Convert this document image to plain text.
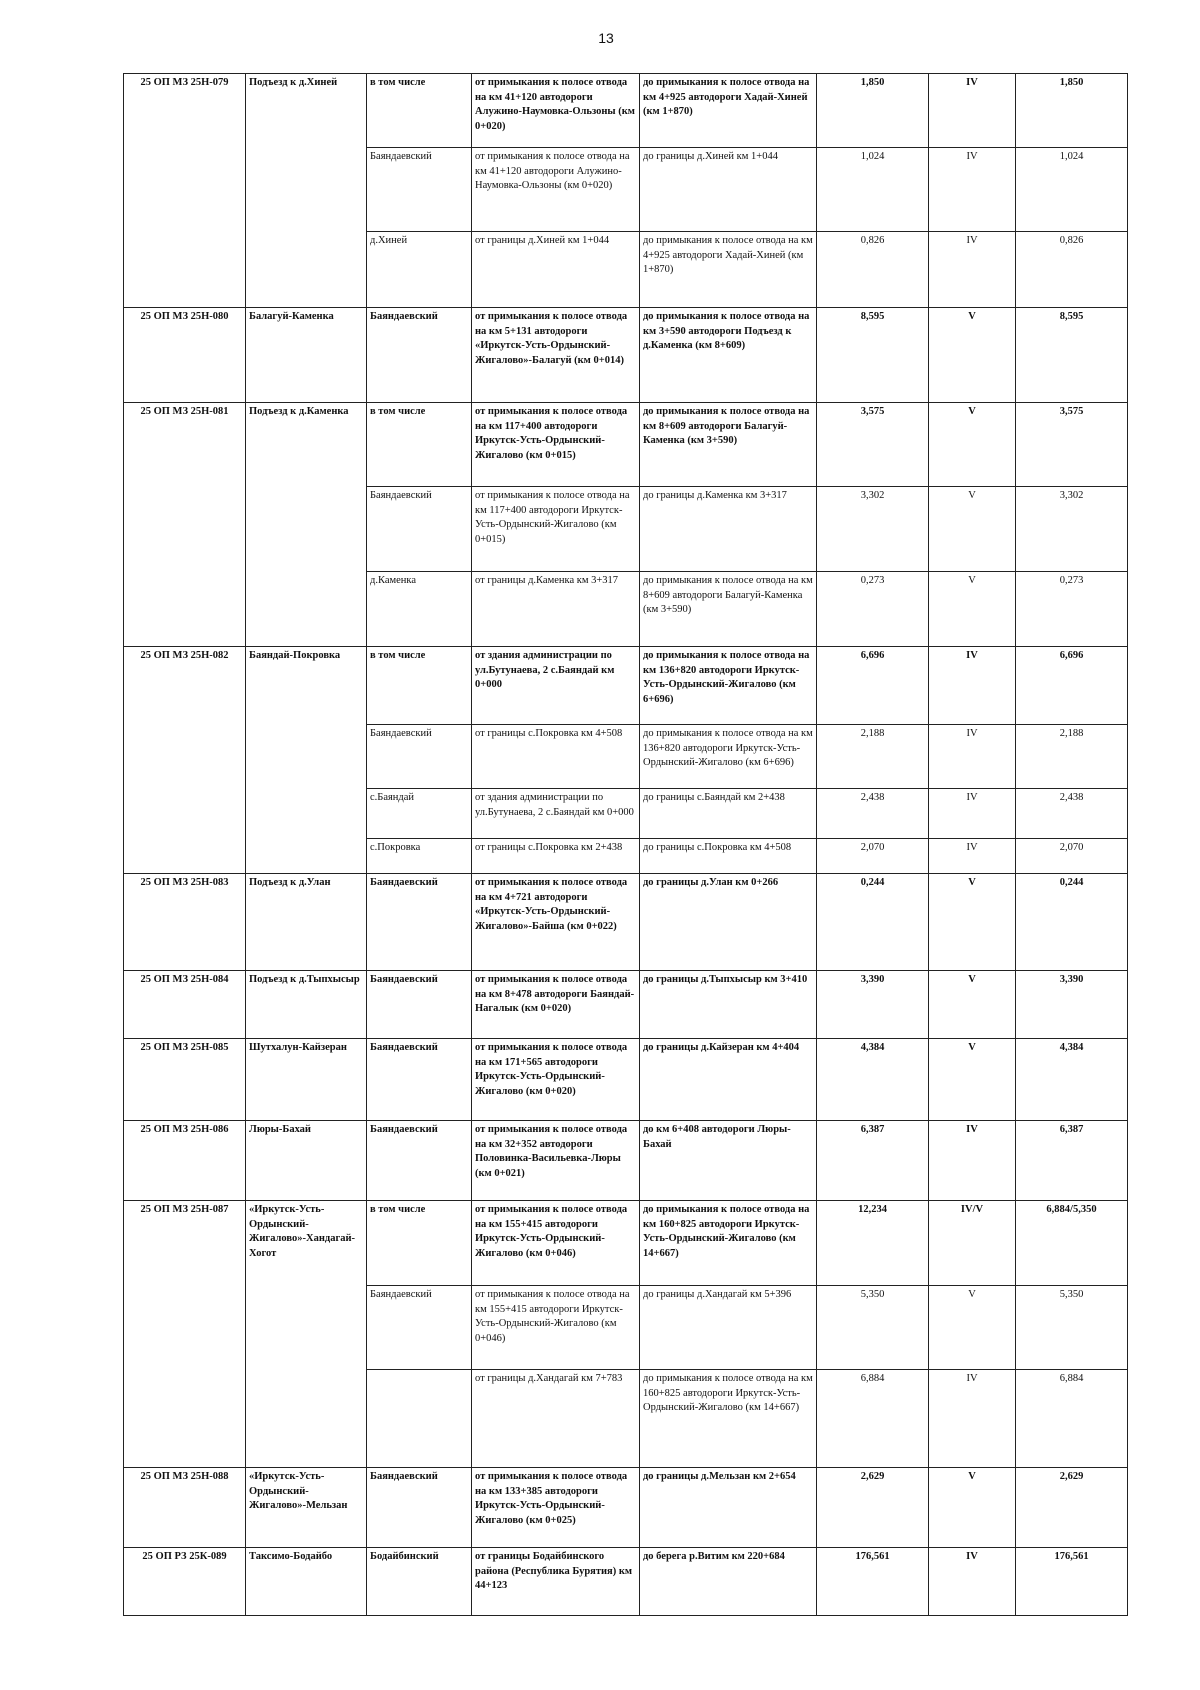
13
25 ОП МЗ 25Н-079	Подъезд к д.Хиней	в том числе	от примыкания к полосе отвода на км 41+120 автодороги Алужино-Наумовка-Ользоны (км 0+020)	до примыкания к полосе отвода на км 4+925 автодороги Хадай-Хиней (км 1+870)	1,850	IV	1,850
		Баяндаевский	от примыкания к полосе отвода на км 41+120 автодороги Алужино-Наумовка-Ользоны (км 0+020)	до границы д.Хиней км 1+044	1,024	IV	1,024
		д.Хиней	от границы д.Хиней км 1+044	до примыкания к полосе отвода на км 4+925 автодороги Хадай-Хиней (км 1+870)	0,826	IV	0,826
25 ОП МЗ 25Н-080	Балагуй-Каменка	Баяндаевский	от примыкания к полосе отвода на км 5+131 автодороги «Иркутск-Усть-Ордынский-Жигалово»-Балагуй (км 0+014)	до примыкания к полосе отвода на км 3+590 автодороги Подъезд к д.Каменка (км 8+609)	8,595	V	8,595
25 ОП МЗ 25Н-081	Подъезд к д.Каменка	в том числе	от примыкания к полосе отвода на км 117+400 автодороги Иркутск-Усть-Ордынский-Жигалово (км 0+015)	до примыкания к полосе отвода на км 8+609 автодороги Балагуй-Каменка (км 3+590)	3,575	V	3,575
		Баяндаевский	от примыкания к полосе отвода на км 117+400 автодороги Иркутск-Усть-Ордынский-Жигалово (км 0+015)	до границы д.Каменка км 3+317	3,302	V	3,302
		д.Каменка	от границы д.Каменка км 3+317	до примыкания к полосе отвода на км 8+609 автодороги Балагуй-Каменка (км 3+590)	0,273	V	0,273
25 ОП МЗ 25Н-082	Баяндай-Покровка	в том числе	от здания администрации по ул.Бутунаева, 2 с.Баяндай км 0+000	до примыкания к полосе отвода на км 136+820 автодороги Иркутск-Усть-Ордынский-Жигалово (км 6+696)	6,696	IV	6,696
		Баяндаевский	от границы с.Покровка км 4+508	до примыкания к полосе отвода на км 136+820 автодороги Иркутск-Усть-Ордынский-Жигалово (км 6+696)	2,188	IV	2,188
		с.Баяндай	от здания администрации по ул.Бутунаева, 2 с.Баяндай км 0+000	до границы с.Баяндай км 2+438	2,438	IV	2,438
		с.Покровка	от границы с.Покровка км 2+438	до границы с.Покровка км 4+508	2,070	IV	2,070
25 ОП МЗ 25Н-083	Подъезд к д.Улан	Баяндаевский	от примыкания к полосе отвода на км 4+721 автодороги «Иркутск-Усть-Ордынский-Жигалово»-Байша (км 0+022)	до границы д.Улан км 0+266	0,244	V	0,244
25 ОП МЗ 25Н-084	Подъезд к д.Тыпхысыр	Баяндаевский	от примыкания к полосе отвода на км 8+478 автодороги Баяндай-Нагалык (км 0+020)	до границы д.Тыпхысыр км 3+410	3,390	V	3,390
25 ОП МЗ 25Н-085	Шутхалун-Кайзеран	Баяндаевский	от примыкания к полосе отвода на км 171+565 автодороги Иркутск-Усть-Ордынский-Жигалово (км 0+020)	до границы д.Кайзеран км 4+404	4,384	V	4,384
25 ОП МЗ 25Н-086	Люры-Бахай	Баяндаевский	от примыкания к полосе отвода на км 32+352 автодороги Половинка-Васильевка-Люры (км 0+021)	до км 6+408 автодороги Люры-Бахай	6,387	IV	6,387
25 ОП МЗ 25Н-087	«Иркутск-Усть-Ордынский-Жигалово»-Хандагай-Хогот	в том числе	от примыкания к полосе отвода на км 155+415 автодороги Иркутск-Усть-Ордынский-Жигалово (км 0+046)	до примыкания к полосе отвода на км 160+825 автодороги Иркутск-Усть-Ордынский-Жигалово (км 14+667)	12,234	IV/V	6,884/5,350
		Баяндаевский	от примыкания к полосе отвода на км 155+415 автодороги Иркутск-Усть-Ордынский-Жигалово (км 0+046)	до границы д.Хандагай км 5+396	5,350	V	5,350
			от границы д.Хандагай км 7+783	до примыкания к полосе отвода на км 160+825 автодороги Иркутск-Усть-Ордынский-Жигалово (км 14+667)	6,884	IV	6,884
25 ОП МЗ 25Н-088	«Иркутск-Усть-Ордынский-Жигалово»-Мельзан	Баяндаевский	от примыкания к полосе отвода на км 133+385 автодороги Иркутск-Усть-Ордынский-Жигалово (км 0+025)	до границы д.Мельзан км 2+654	2,629	V	2,629
25 ОП РЗ 25К-089	Таксимо-Бодайбо	Бодайбинский	от границы Бодайбинского района (Республика Бурятия) км 44+123	до берега р.Витим км 220+684	176,561	IV	176,561
